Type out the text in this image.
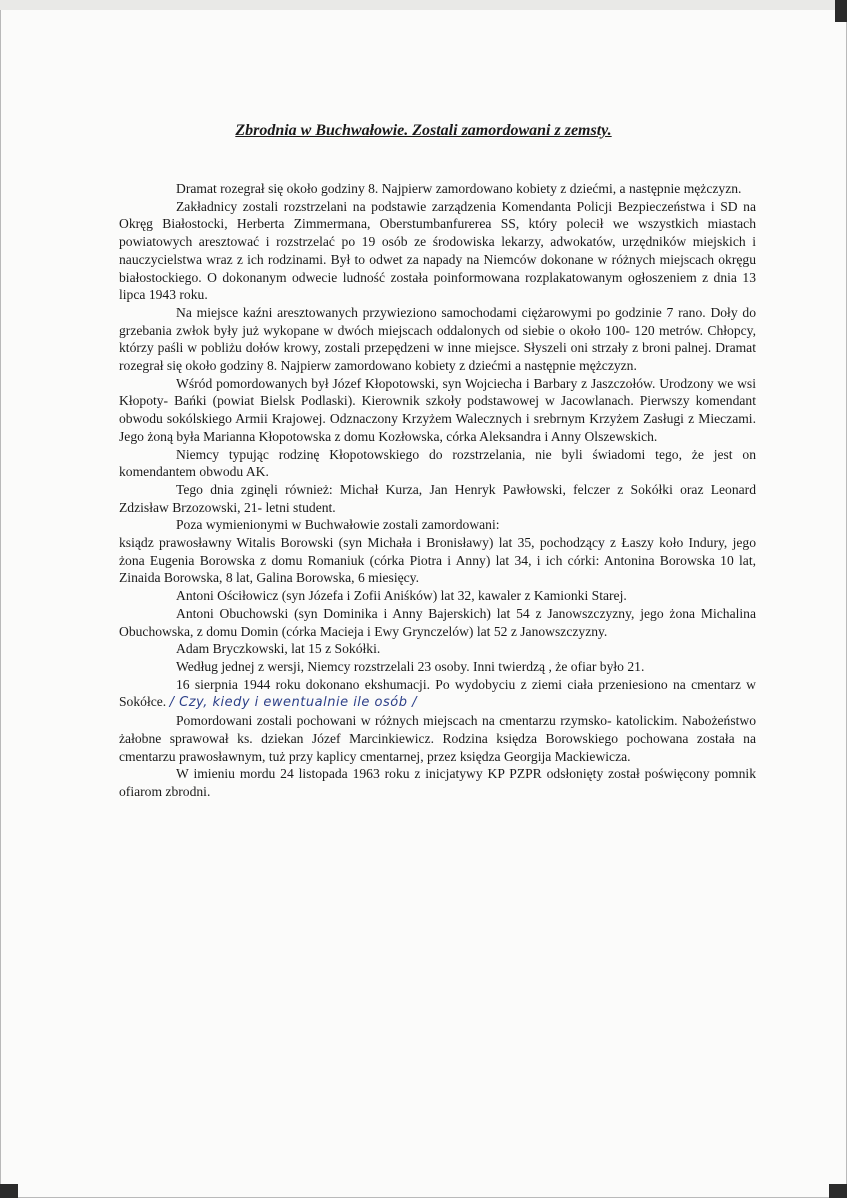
Zbrodnia w Buchwałowie. Zostali zamordowani z zemsty.

Dramat rozegrał się około godziny 8. Najpierw zamordowano kobiety z dziećmi, a następnie mężczyzn.

Zakładnicy zostali rozstrzelani na podstawie zarządzenia Komendanta Policji Bezpieczeństwa i SD na Okręg Białostocki, Herberta Zimmermana, Oberstumbanfurerea SS, który polecił we wszystkich miastach powiatowych aresztować i rozstrzelać po 19 osób ze środowiska lekarzy, adwokatów, urzędników miejskich i nauczycielstwa wraz z ich rodzinami. Był to odwet za napady na Niemców dokonane w różnych miejscach okręgu białostockiego. O dokonanym odwecie ludność została poinformowana rozplakatowanym ogłoszeniem z dnia 13 lipca 1943 roku.

Na miejsce kaźni aresztowanych przywieziono samochodami ciężarowymi po godzinie 7 rano. Doły do grzebania zwłok były już wykopane w dwóch miejscach oddalonych od siebie o około 100- 120 metrów. Chłopcy, którzy paśli w pobliżu dołów krowy, zostali przepędzeni w inne miejsce. Słyszeli oni strzały z broni palnej. Dramat rozegrał się około godziny 8. Najpierw zamordowano kobiety z dziećmi a następnie mężczyzn.

Wśród pomordowanych był Józef Kłopotowski, syn Wojciecha i Barbary z Jaszczołów. Urodzony we wsi Kłopoty- Bańki (powiat Bielsk Podlaski). Kierownik szkoły podstawowej w Jacowlanach. Pierwszy komendant obwodu sokólskiego Armii Krajowej. Odznaczony Krzyżem Walecznych i srebrnym Krzyżem Zasługi z Mieczami. Jego żoną była Marianna Kłopotowska z domu Kozłowska, córka Aleksandra i Anny Olszewskich.

Niemcy typując rodzinę Kłopotowskiego do rozstrzelania, nie byli świadomi tego, że jest on komendantem obwodu AK.

Tego dnia zginęli również: Michał Kurza, Jan Henryk Pawłowski, felczer z Sokółki oraz Leonard Zdzisław Brzozowski, 21- letni student.

Poza wymienionymi w Buchwałowie zostali zamordowani:

ksiądz prawosławny Witalis Borowski (syn Michała i Bronisławy) lat 35, pochodzący z Łaszy koło Indury, jego żona Eugenia Borowska z domu Romaniuk (córka Piotra i Anny) lat 34, i ich córki: Antonina Borowska 10 lat, Zinaida Borowska, 8 lat, Galina Borowska, 6 miesięcy.

Antoni Ościłowicz (syn Józefa i Zofii Aniśków) lat 32, kawaler z Kamionki Starej.

Antoni Obuchowski (syn Dominika i Anny Bajerskich) lat 54 z Janowszczyzny, jego żona Michalina Obuchowska, z domu Domin (córka Macieja i Ewy Grynczelów) lat 52 z Janowszczyzny.

Adam Bryczkowski, lat 15 z Sokółki.

Według jednej z wersji, Niemcy rozstrzelali 23 osoby. Inni twierdzą , że ofiar było 21.

16 sierpnia 1944 roku dokonano ekshumacji. Po wydobyciu z ziemi ciała przeniesiono na cmentarz w Sokółce. / Czy, kiedy i ewentualnie ile osób /

Pomordowani zostali pochowani w różnych miejscach na cmentarzu rzymsko- katolickim. Nabożeństwo żałobne sprawował ks. dziekan Józef Marcinkiewicz. Rodzina księdza Borowskiego pochowana została na cmentarzu prawosławnym, tuż przy kaplicy cmentarnej, przez księdza Georgija Mackiewicza.

W imieniu mordu 24 listopada 1963 roku z inicjatywy KP PZPR odsłonięty został poświęcony pomnik ofiarom zbrodni.
